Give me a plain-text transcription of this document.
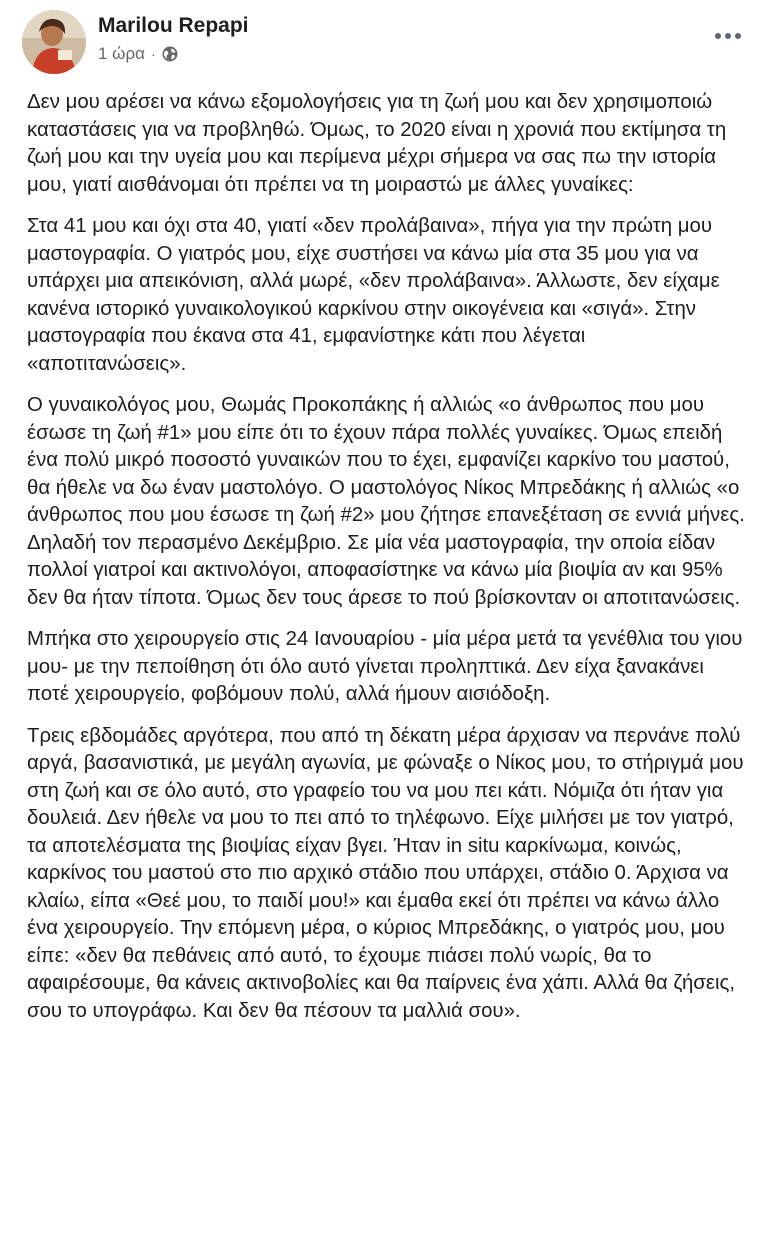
Marilou Repapi
1 ώρα ·

Δεν μου αρέσει να κάνω εξομολογήσεις για τη ζωή μου και δεν χρησιμοποιώ καταστάσεις για να προβληθώ. Όμως, το 2020 είναι η χρονιά που εκτίμησα τη ζωή μου και την υγεία μου και περίμενα μέχρι σήμερα να σας πω την ιστορία μου, γιατί αισθάνομαι ότι πρέπει να τη μοιραστώ με άλλες γυναίκες:

Στα 41 μου και όχι στα 40, γιατί «δεν προλάβαινα», πήγα για την πρώτη μου μαστογραφία. Ο γιατρός μου, είχε συστήσει να κάνω μία στα 35 μου για να υπάρχει μια απεικόνιση, αλλά μωρέ, «δεν προλάβαινα». Άλλωστε, δεν είχαμε κανένα ιστορικό γυναικολογικού καρκίνου στην οικογένεια και «σιγά». Στην μαστογραφία που έκανα στα 41, εμφανίστηκε κάτι που λέγεται «αποτιτανώσεις».

Ο γυναικολόγος μου, Θωμάς Προκοπάκης ή αλλιώς «ο άνθρωπος που μου έσωσε τη ζωή #1» μου είπε ότι το έχουν πάρα πολλές γυναίκες. Όμως επειδή ένα πολύ μικρό ποσοστό γυναικών που το έχει, εμφανίζει καρκίνο του μαστού, θα ήθελε να δω έναν μαστολόγο. Ο μαστολόγος Νίκος Μπρεδάκης ή αλλιώς «ο άνθρωπος που μου έσωσε τη ζωή #2» μου ζήτησε επανεξέταση σε εννιά μήνες. Δηλαδή τον περασμένο Δεκέμβριο. Σε μία νέα μαστογραφία, την οποία είδαν πολλοί γιατροί και ακτινολόγοι, αποφασίστηκε να κάνω μία βιοψία αν και 95% δεν θα ήταν τίποτα. Όμως δεν τους άρεσε το πού βρίσκονταν οι αποτιτανώσεις.

Μπήκα στο χειρουργείο στις 24 Ιανουαρίου - μία μέρα μετά τα γενέθλια του γιου μου- με την πεποίθηση ότι όλο αυτό γίνεται προληπτικά. Δεν είχα ξανακάνει ποτέ χειρουργείο, φοβόμουν πολύ, αλλά ήμουν αισιόδοξη.

Τρεις εβδομάδες αργότερα, που από τη δέκατη μέρα άρχισαν να περνάνε πολύ αργά, βασανιστικά, με μεγάλη αγωνία, με φώναξε ο Νίκος μου, το στήριγμά μου στη ζωή και σε όλο αυτό, στο γραφείο του να μου πει κάτι. Νόμιζα ότι ήταν για δουλειά. Δεν ήθελε να μου το πει από το τηλέφωνο. Είχε μιλήσει με τον γιατρό, τα αποτελέσματα της βιοψίας είχαν βγει. Ήταν in situ καρκίνωμα, κοινώς, καρκίνος του μαστού στο πιο αρχικό στάδιο που υπάρχει, στάδιο 0. Άρχισα να κλαίω, είπα «Θεέ μου, το παιδί μου!» και έμαθα εκεί ότι πρέπει να κάνω άλλο ένα χειρουργείο. Την επόμενη μέρα, ο κύριος Μπρεδάκης, ο γιατρός μου, μου είπε: «δεν θα πεθάνεις από αυτό, το έχουμε πιάσει πολύ νωρίς, θα το αφαιρέσουμε, θα κάνεις ακτινοβολίες και θα παίρνεις ένα χάπι. Αλλά θα ζήσεις, σου το υπογράφω. Και δεν θα πέσουν τα μαλλιά σου».
